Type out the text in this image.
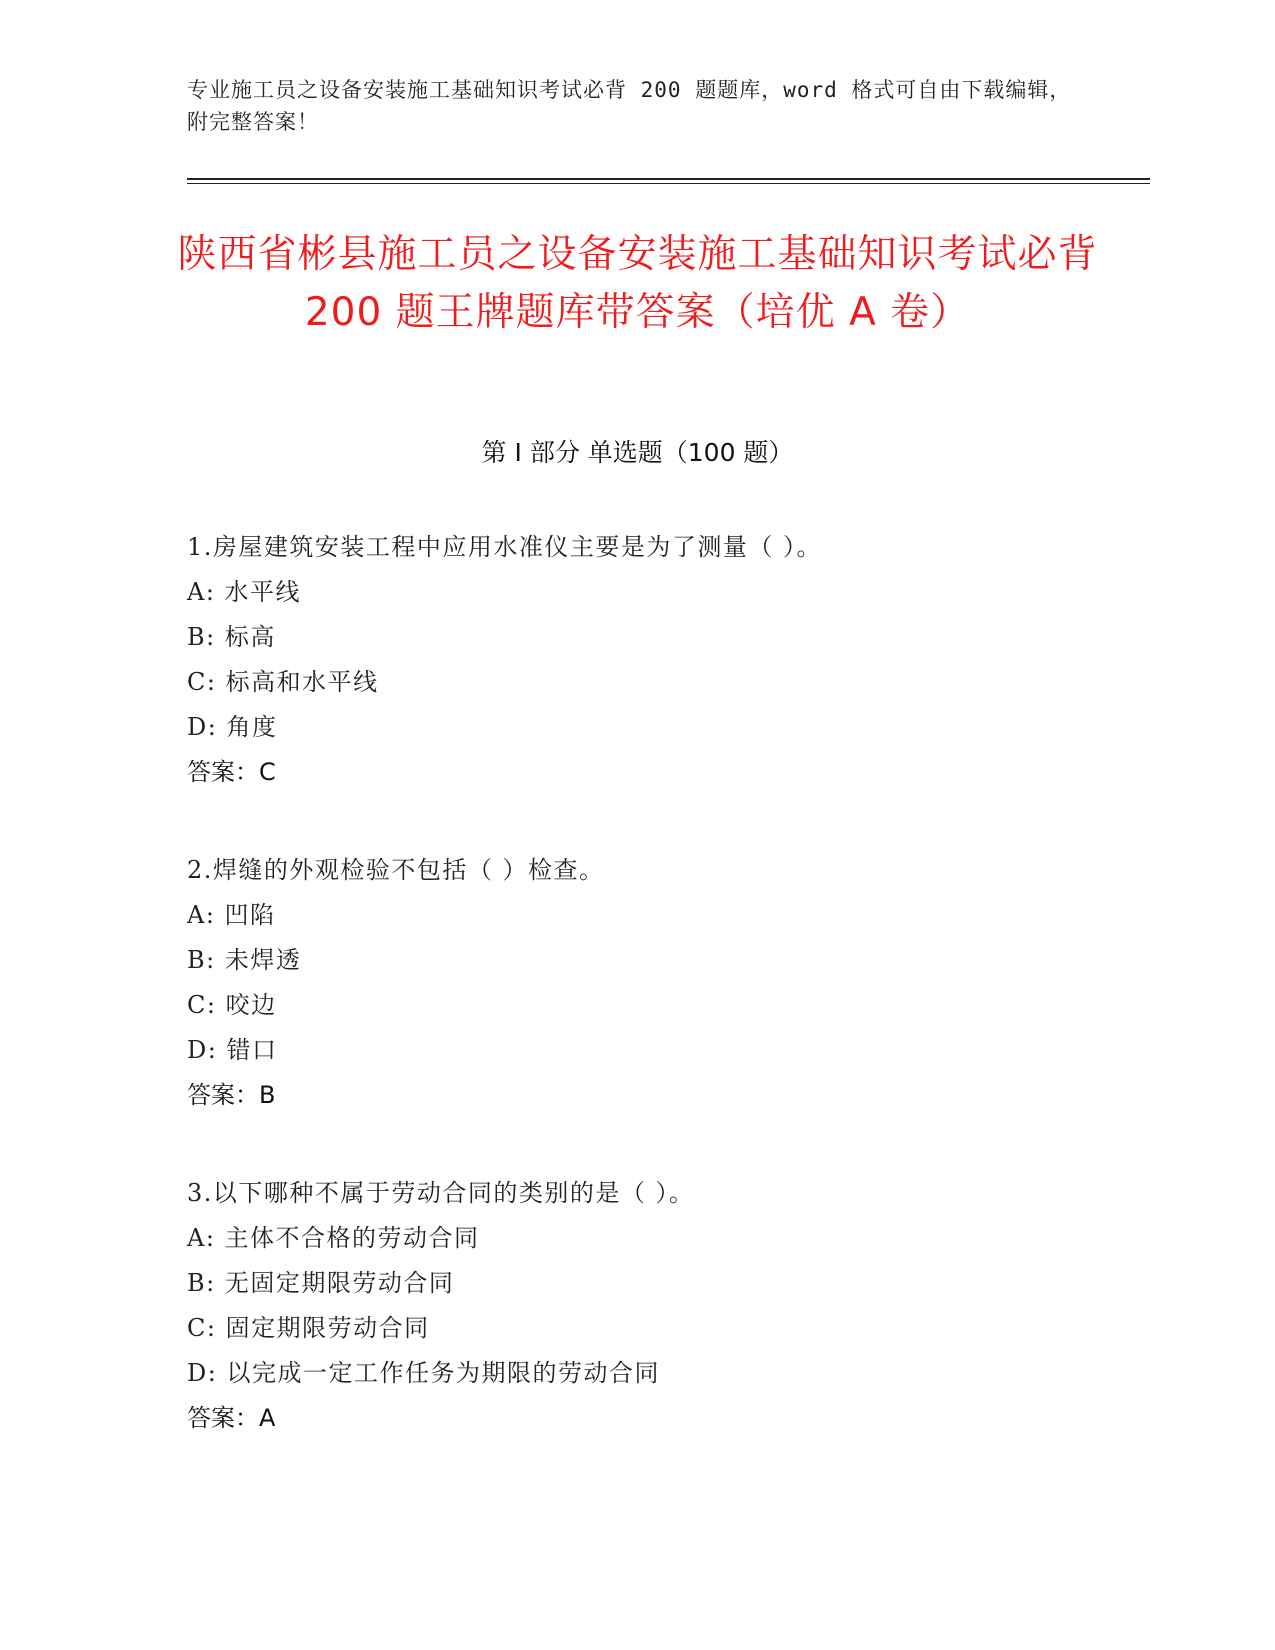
专业施工员之设备安装施工基础知识考试必背 200 题题库，word 格式可自由下载编辑，附完整答案！
陕西省彬县施工员之设备安装施工基础知识考试必背 200 题王牌题库带答案（培优 A 卷）
第 I 部分 单选题（100 题）
1.房屋建筑安装工程中应用水准仪主要是为了测量（ ）。
A: 水平线
B: 标高
C: 标高和水平线
D: 角度
答案：C
2.焊缝的外观检验不包括（ ）检查。
A: 凹陷
B: 未焊透
C: 咬边
D: 错口
答案：B
3.以下哪种不属于劳动合同的类别的是（ ）。
A: 主体不合格的劳动合同
B: 无固定期限劳动合同
C: 固定期限劳动合同
D: 以完成一定工作任务为期限的劳动合同
答案：A
